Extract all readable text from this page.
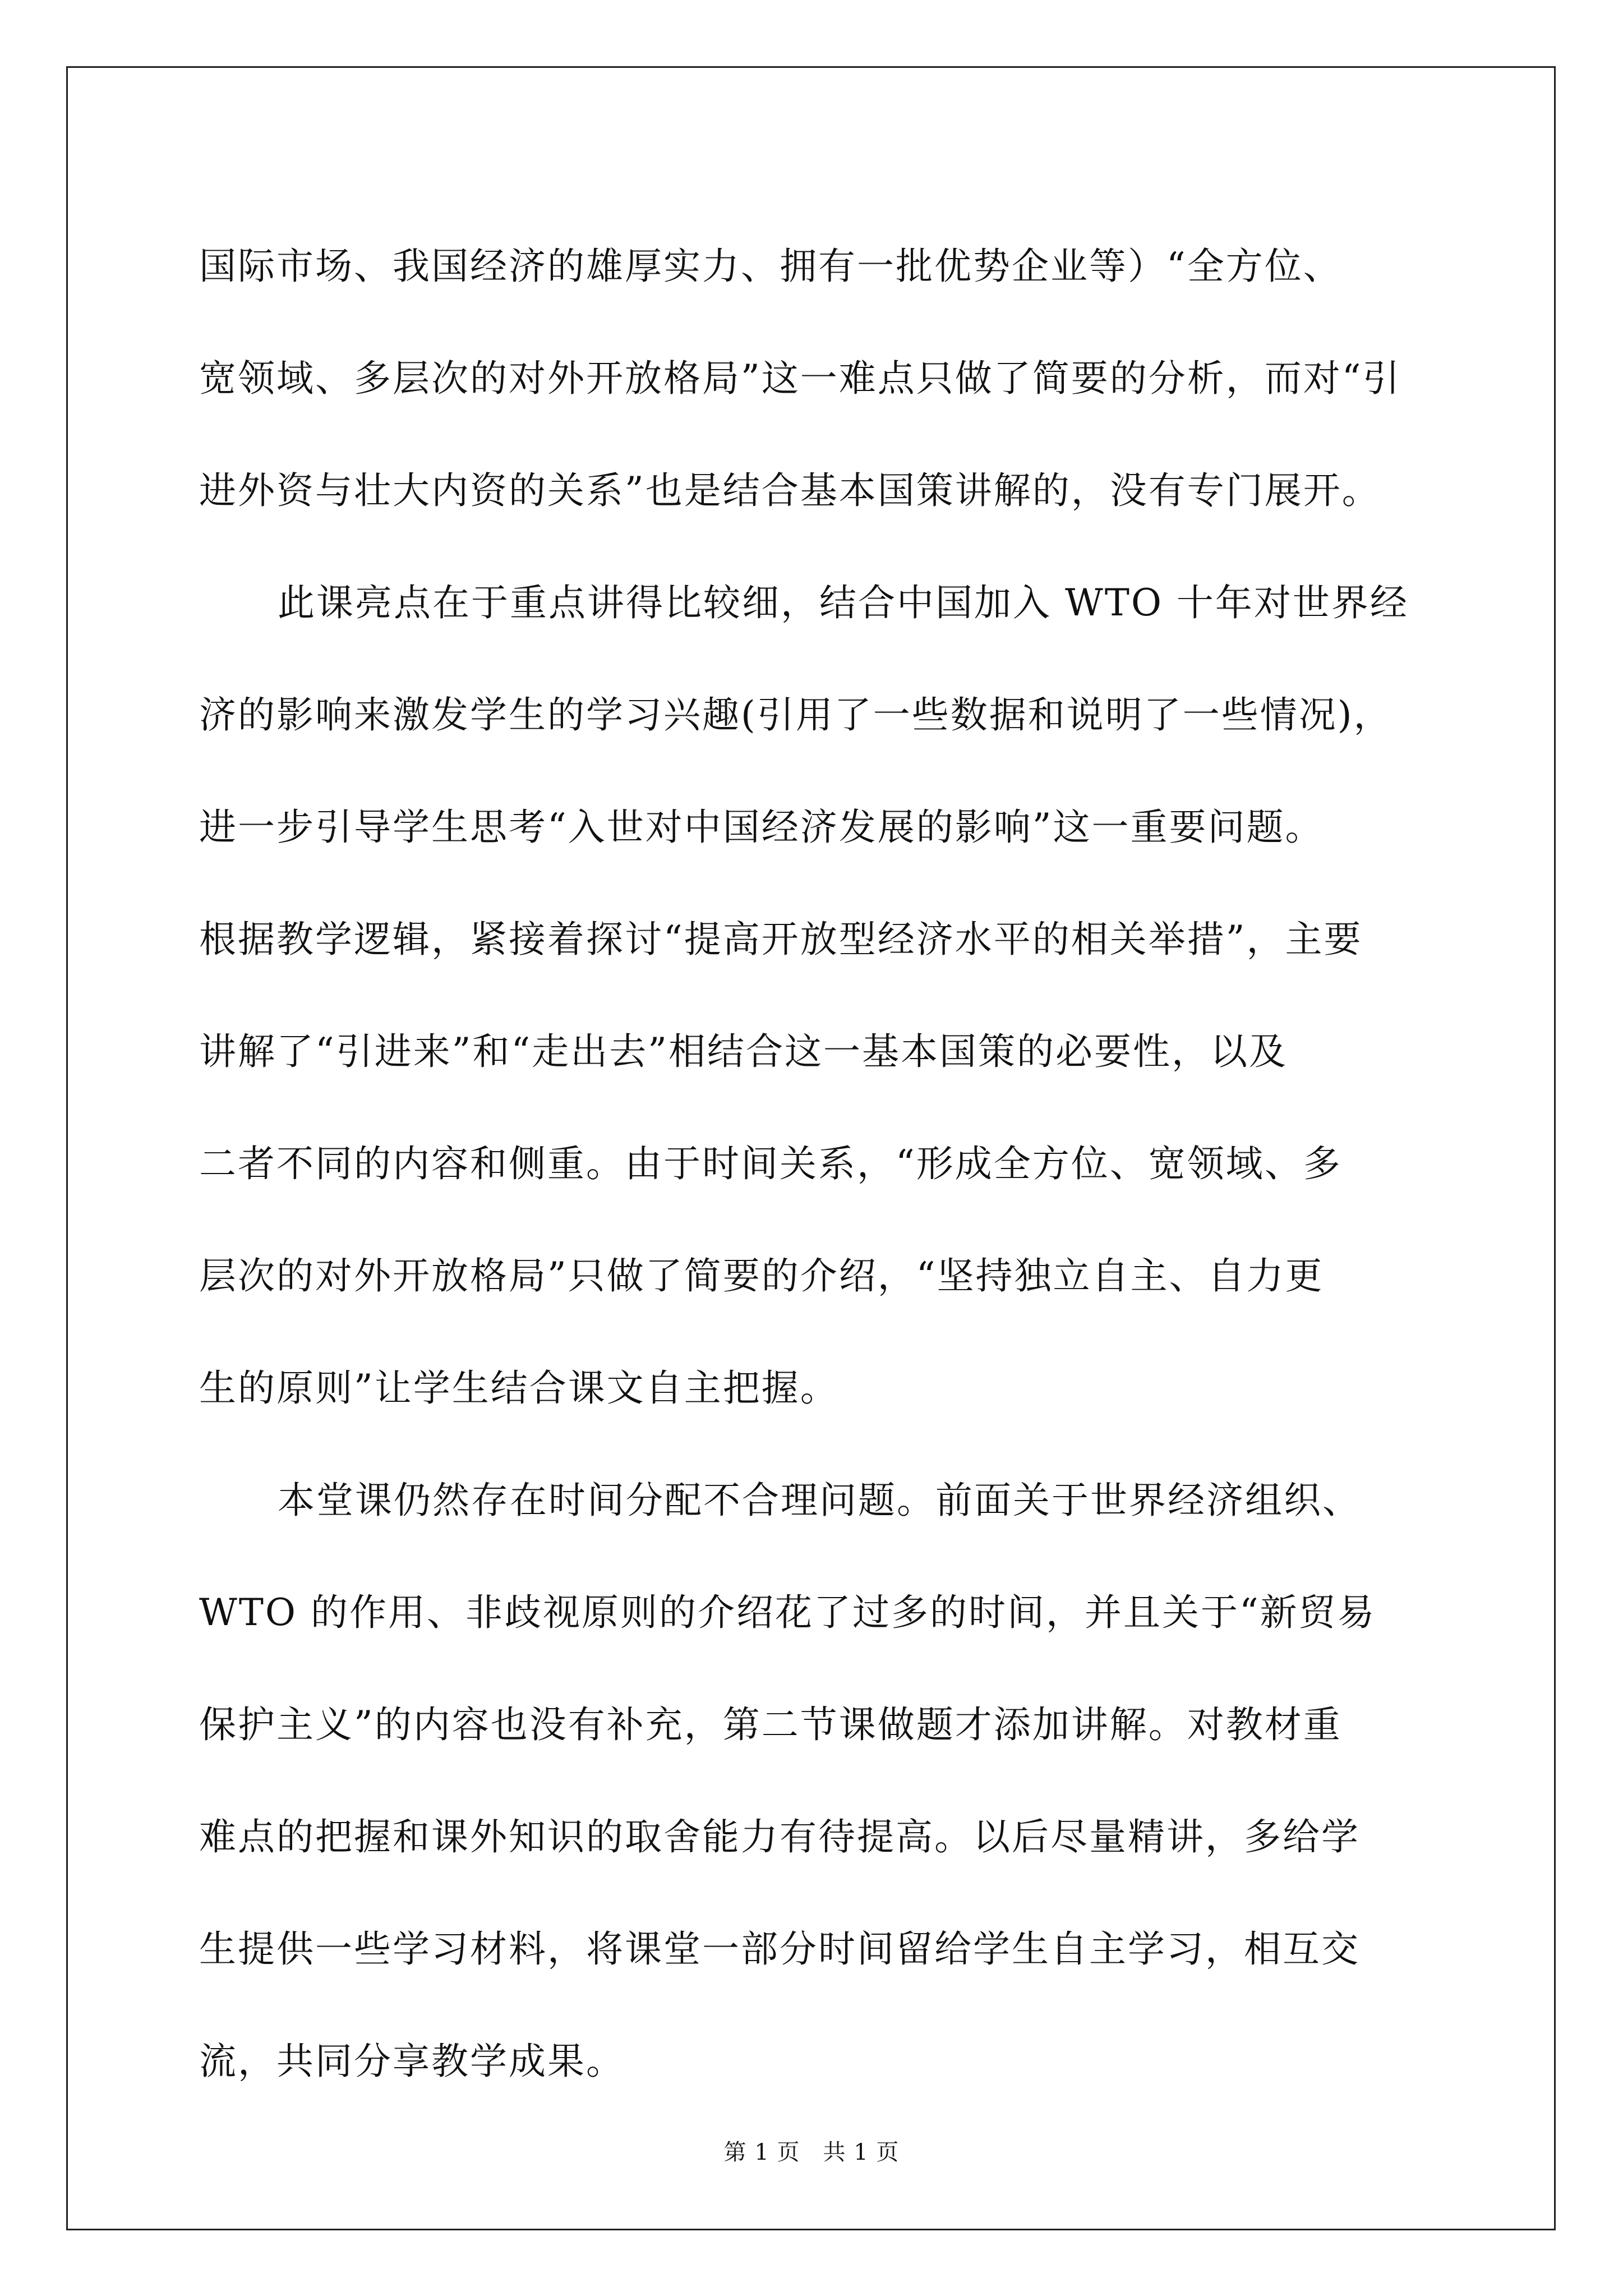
国际市场、我国经济的雄厚实力、拥有一批优势企业等）“全方位、
宽领域、多层次的对外开放格局”这一难点只做了简要的分析，而对“引
进外资与壮大内资的关系”也是结合基本国策讲解的，没有专门展开。
此课亮点在于重点讲得比较细，结合中国加入 WTO 十年对世界经
济的影响来激发学生的学习兴趣(引用了一些数据和说明了一些情况)，
进一步引导学生思考“入世对中国经济发展的影响”这一重要问题。
根据教学逻辑，紧接着探讨“提高开放型经济水平的相关举措”，主要
讲解了“引进来”和“走出去”相结合这一基本国策的必要性，以及
二者不同的内容和侧重。由于时间关系，“形成全方位、宽领域、多
层次的对外开放格局”只做了简要的介绍，“坚持独立自主、自力更
生的原则”让学生结合课文自主把握。
本堂课仍然存在时间分配不合理问题。前面关于世界经济组织、
WTO 的作用、非歧视原则的介绍花了过多的时间，并且关于“新贸易
保护主义”的内容也没有补充，第二节课做题才添加讲解。对教材重
难点的把握和课外知识的取舍能力有待提高。以后尽量精讲，多给学
生提供一些学习材料，将课堂一部分时间留给学生自主学习，相互交
流，共同分享教学成果。
第 1 页　共 1 页
